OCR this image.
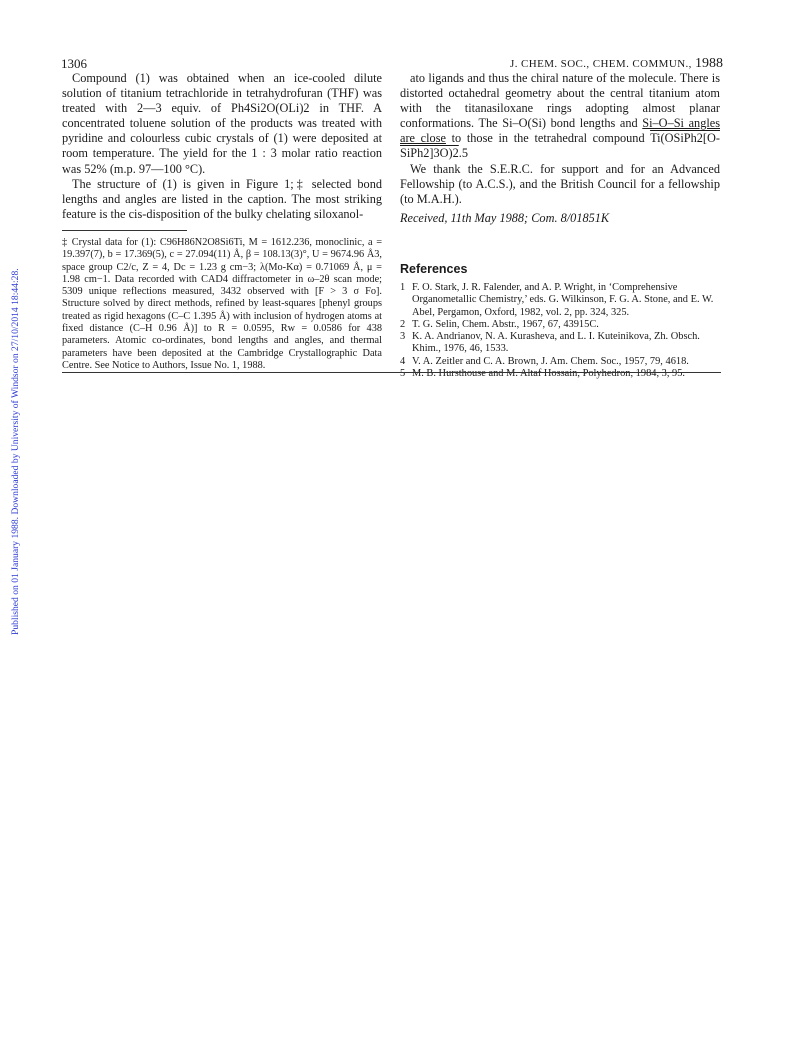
Published on 01 January 1988. Downloaded by University of Windsor on 27/10/2014 18:44:28.
1306	J. CHEM. SOC., CHEM. COMMUN., 1988

Compound (1) was obtained when an ice-cooled dilute solution of titanium tetrachloride in tetrahydrofuran (THF) was treated with 2—3 equiv. of Ph4Si2O(OLi)2 in THF. A concentrated toluene solution of the products was treated with pyridine and colourless cubic crystals of (1) were deposited at room temperature. The yield for the 1 : 3 molar ratio reaction was 52% (m.p. 97—100 °C).

The structure of (1) is given in Figure 1;‡ selected bond lengths and angles are listed in the caption. The most striking feature is the cis-disposition of the bulky chelating siloxanol-

‡ Crystal data for (1): C96H86N2O8Si6Ti, M = 1612.236, monoclinic, a = 19.397(7), b = 17.369(5), c = 27.094(11) Å, β = 108.13(3)°, U = 9674.96 Å3, space group C2/c, Z = 4, Dc = 1.23 g cm−3; λ(Mo-Kα) = 0.71069 Å, μ = 1.98 cm−1. Data recorded with CAD4 diffractometer in ω–2θ scan mode; 5309 unique reflections measured, 3432 observed with [F > 3 σ Fo]. Structure solved by direct methods, refined by least-squares [phenyl groups treated as rigid hexagons (C–C 1.395 Å) with inclusion of hydrogen atoms at fixed distance (C–H 0.96 Å)] to R = 0.0595, Rw = 0.0586 for 438 parameters. Atomic co-ordinates, bond lengths and angles, and thermal parameters have been deposited at the Cambridge Crystallographic Data Centre. See Notice to Authors, Issue No. 1, 1988.

ato ligands and thus the chiral nature of the molecule. There is distorted octahedral geometry about the central titanium atom with the titanasiloxane rings adopting almost planar conformations. The Si–O(Si) bond lengths and Si–O–Si angles are close to those in the tetrahedral compound Ti(OSiPh2[O-SiPh2]3O)2.5

We thank the S.E.R.C. for support and for an Advanced Fellowship (to A.C.S.), and the British Council for a fellowship (to M.A.H.).

Received, 11th May 1988; Com. 8/01851K
References
1 F. O. Stark, J. R. Falender, and A. P. Wright, in ‘Comprehensive Organometallic Chemistry,’ eds. G. Wilkinson, F. G. A. Stone, and E. W. Abel, Pergamon, Oxford, 1982, vol. 2, pp. 324, 325.
2 T. G. Selin, Chem. Abstr., 1967, 67, 43915C.
3 K. A. Andrianov, N. A. Kurasheva, and L. I. Kuteinikova, Zh. Obsch. Khim., 1976, 46, 1533.
4 V. A. Zeitler and C. A. Brown, J. Am. Chem. Soc., 1957, 79, 4618.
5 M. B. Hursthouse and M. Altaf Hossain, Polyhedron, 1984, 3, 95.
